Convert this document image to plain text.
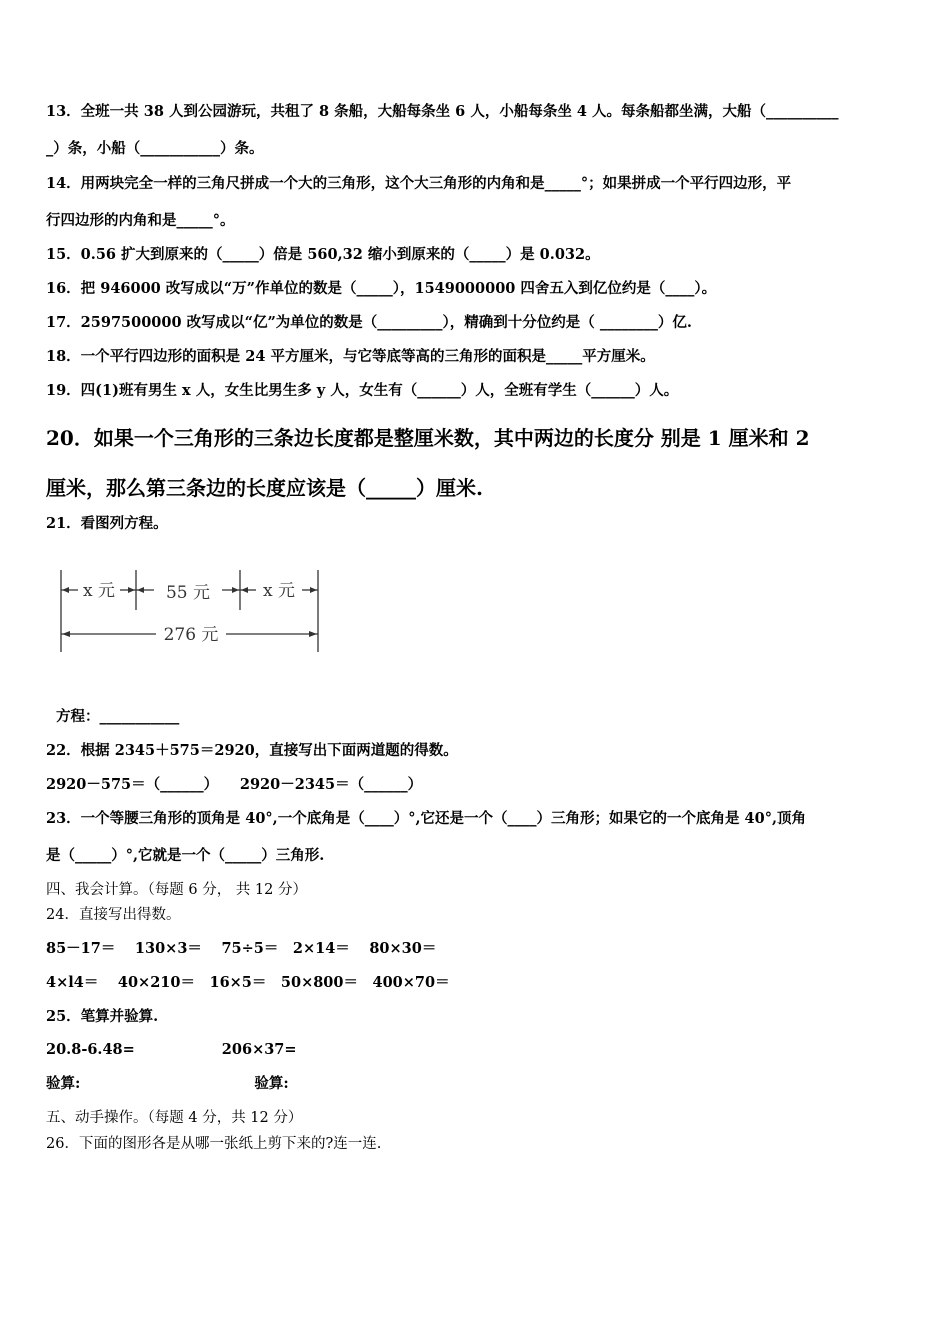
13．全班一共 38 人到公园游玩，共租了 8 条船，大船每条坐 6 人，小船每条坐 4 人。每条船都坐满，大船（__________
_）条，小船（___________）条。
14．用两块完全一样的三角尺拼成一个大的三角形，这个大三角形的内角和是_____°；如果拼成一个平行四边形，平
行四边形的内角和是_____°。
15．0.56 扩大到原来的（_____）倍是 560,32 缩小到原来的（_____）是 0.032。
16．把 946000 改写成以“万”作单位的数是（_____），1549000000 四舍五入到亿位约是（____）。
17．2597500000 改写成以“亿”为单位的数是（_________），精确到十分位约是（ ________）亿.
18．一个平行四边形的面积是 24 平方厘米，与它等底等高的三角形的面积是_____平方厘米。
19．四(1)班有男生 x 人，女生比男生多 y 人，女生有（______）人，全班有学生（______）人。
20．如果一个三角形的三条边长度都是整厘米数，其中两边的长度分 别是 1 厘米和 2
厘米，那么第三条边的长度应该是（_____）厘米.
21．看图列方程。
x 元	55 元	x 元
276 元
方程：___________
22．根据 2345＋575＝2920，直接写出下面两道题的得数。
2920－575＝（______）　　2920－2345＝（______）
23．一个等腰三角形的顶角是 40°,一个底角是（____）°,它还是一个（____）三角形；如果它的一个底角是 40°,顶角
是（_____）°,它就是一个（_____）三角形.
四、我会计算。（每题 6 分， 共 12 分）
24．直接写出得数。
85－17＝　 130×3＝　 75÷5＝　2×14＝　 80×30＝
4×l4＝　 40×210＝　16×5＝　50×800＝　400×70＝
25．笔算并验算.
20.8-6.48=　　　　　　206×37=
验算:　　　　　　　　　　　　验算:
五、动手操作。（每题 4 分，共 12 分）
26．下面的图形各是从哪一张纸上剪下来的?连一连.
